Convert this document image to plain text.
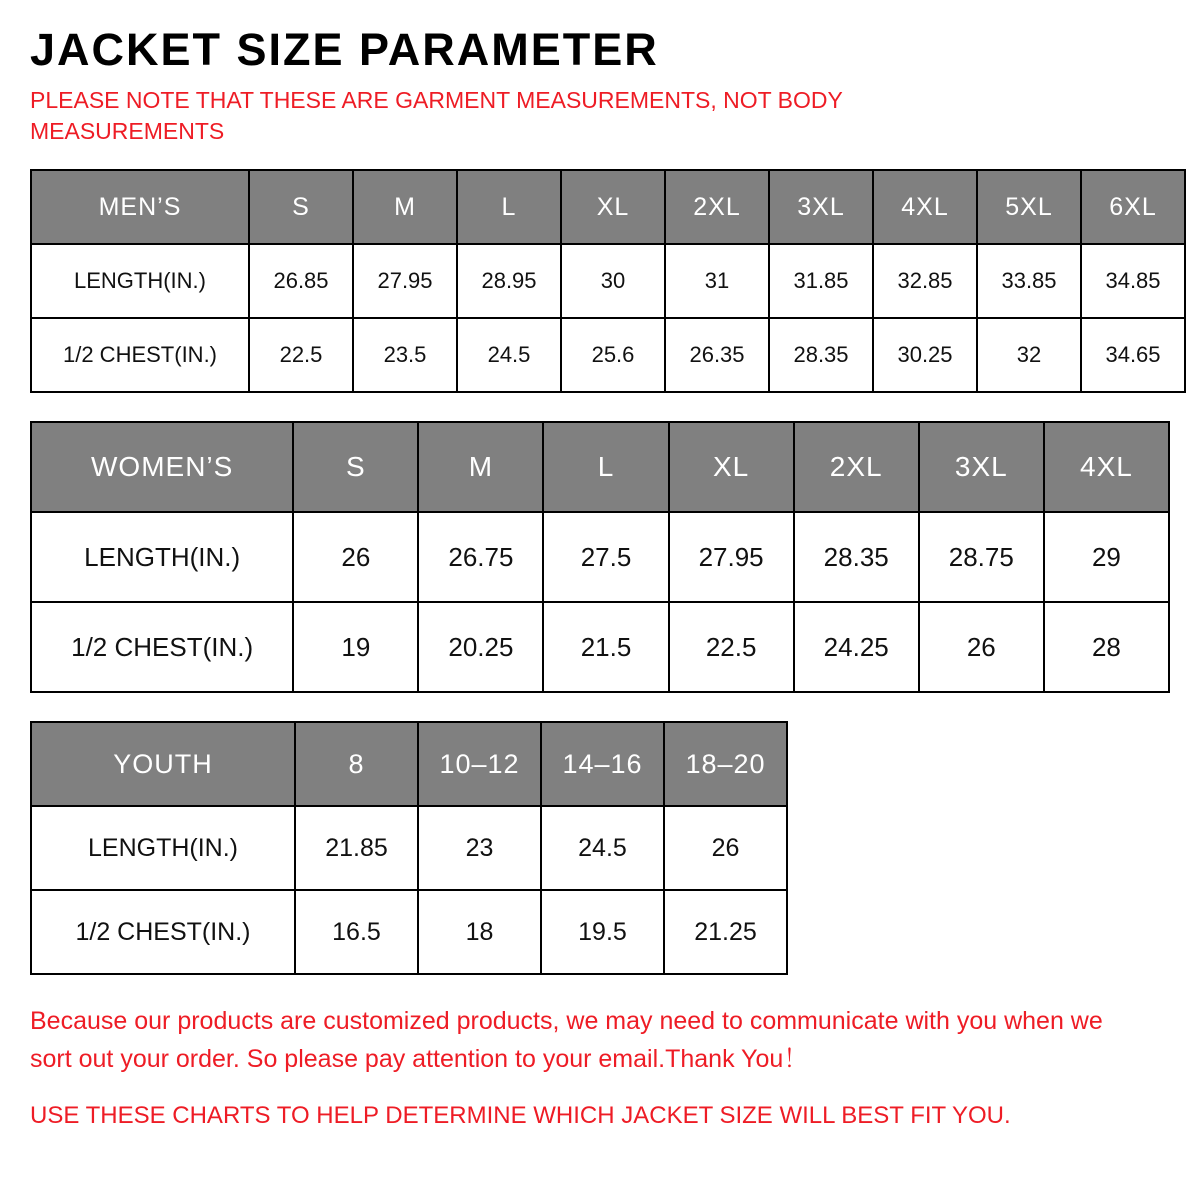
JACKET SIZE PARAMETER

PLEASE NOTE THAT THESE ARE GARMENT MEASUREMENTS, NOT BODY MEASUREMENTS

MEN’S	S	M	L	XL	2XL	3XL	4XL	5XL	6XL
LENGTH(IN.)	26.85	27.95	28.95	30	31	31.85	32.85	33.85	34.85
1/2 CHEST(IN.)	22.5	23.5	24.5	25.6	26.35	28.35	30.25	32	34.65
WOMEN’S	S	M	L	XL	2XL	3XL	4XL
LENGTH(IN.)	26	26.75	27.5	27.95	28.35	28.75	29
1/2 CHEST(IN.)	19	20.25	21.5	22.5	24.25	26	28
YOUTH	8	10–12	14–16	18–20
LENGTH(IN.)	21.85	23	24.5	26
1/2 CHEST(IN.)	16.5	18	19.5	21.25
Because our products are customized products, we may need to communicate with you when we sort out your order. So please pay attention to your email.Thank You！
USE THESE CHARTS TO HELP DETERMINE WHICH JACKET SIZE WILL BEST FIT YOU.
